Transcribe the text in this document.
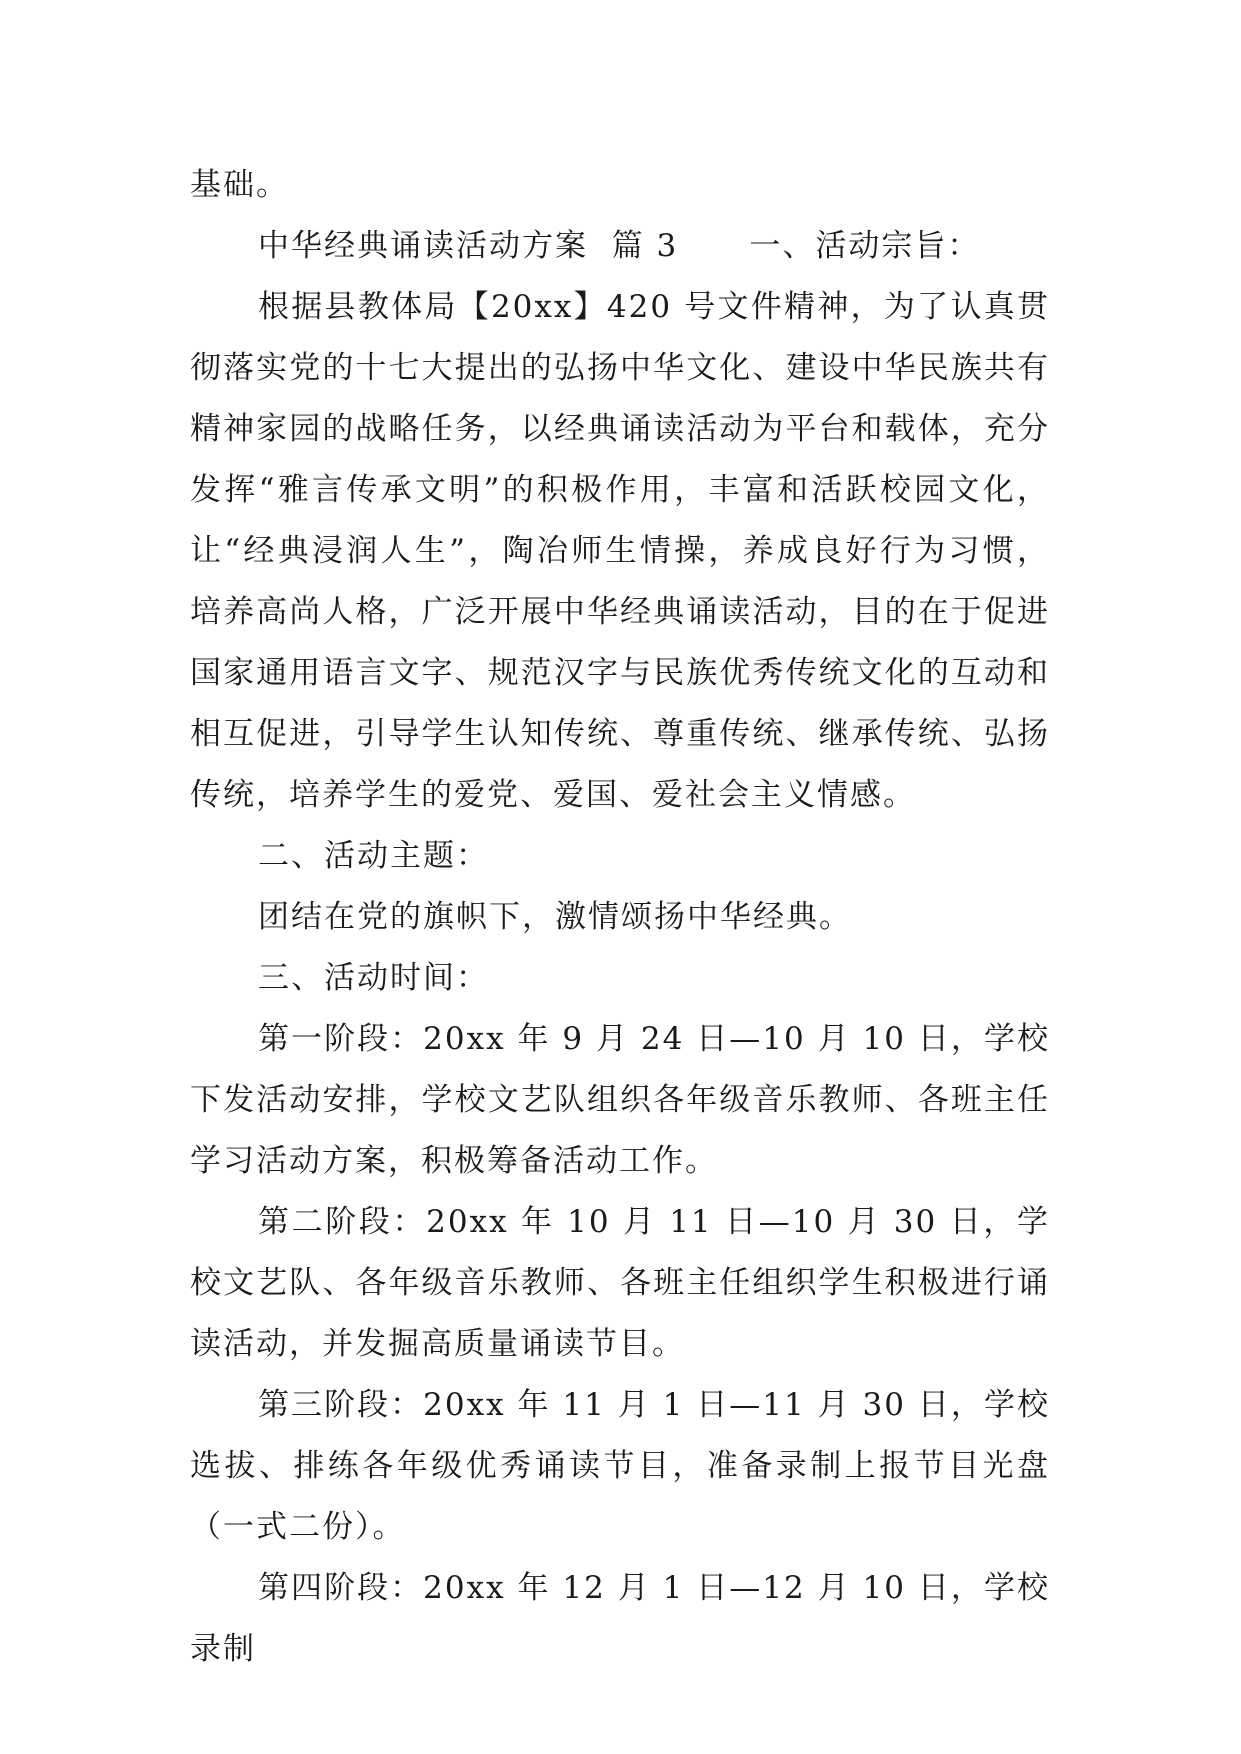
基础。

中华经典诵读活动方案  篇 3      一、活动宗旨：

根据县教体局【20xx】420 号文件精神，为了认真贯彻落实党的十七大提出的弘扬中华文化、建设中华民族共有精神家园的战略任务，以经典诵读活动为平台和载体，充分发挥“雅言传承文明”的积极作用，丰富和活跃校园文化，让“经典浸润人生”，陶冶师生情操，养成良好行为习惯，培养高尚人格，广泛开展中华经典诵读活动，目的在于促进国家通用语言文字、规范汉字与民族优秀传统文化的互动和相互促进，引导学生认知传统、尊重传统、继承传统、弘扬传统，培养学生的爱党、爱国、爱社会主义情感。

二、活动主题：

团结在党的旗帜下，激情颂扬中华经典。

三、活动时间：

第一阶段：20xx 年 9 月 24 日—10 月 10 日，学校下发活动安排，学校文艺队组织各年级音乐教师、各班主任学习活动方案，积极筹备活动工作。

第二阶段：20xx 年 10 月 11 日—10 月 30 日，学校文艺队、各年级音乐教师、各班主任组织学生积极进行诵读活动，并发掘高质量诵读节目。

第三阶段：20xx 年 11 月 1 日—11 月 30 日，学校选拔、排练各年级优秀诵读节目，准备录制上报节目光盘（一式二份）。

第四阶段：20xx 年 12 月 1 日—12 月 10 日，学校录制
